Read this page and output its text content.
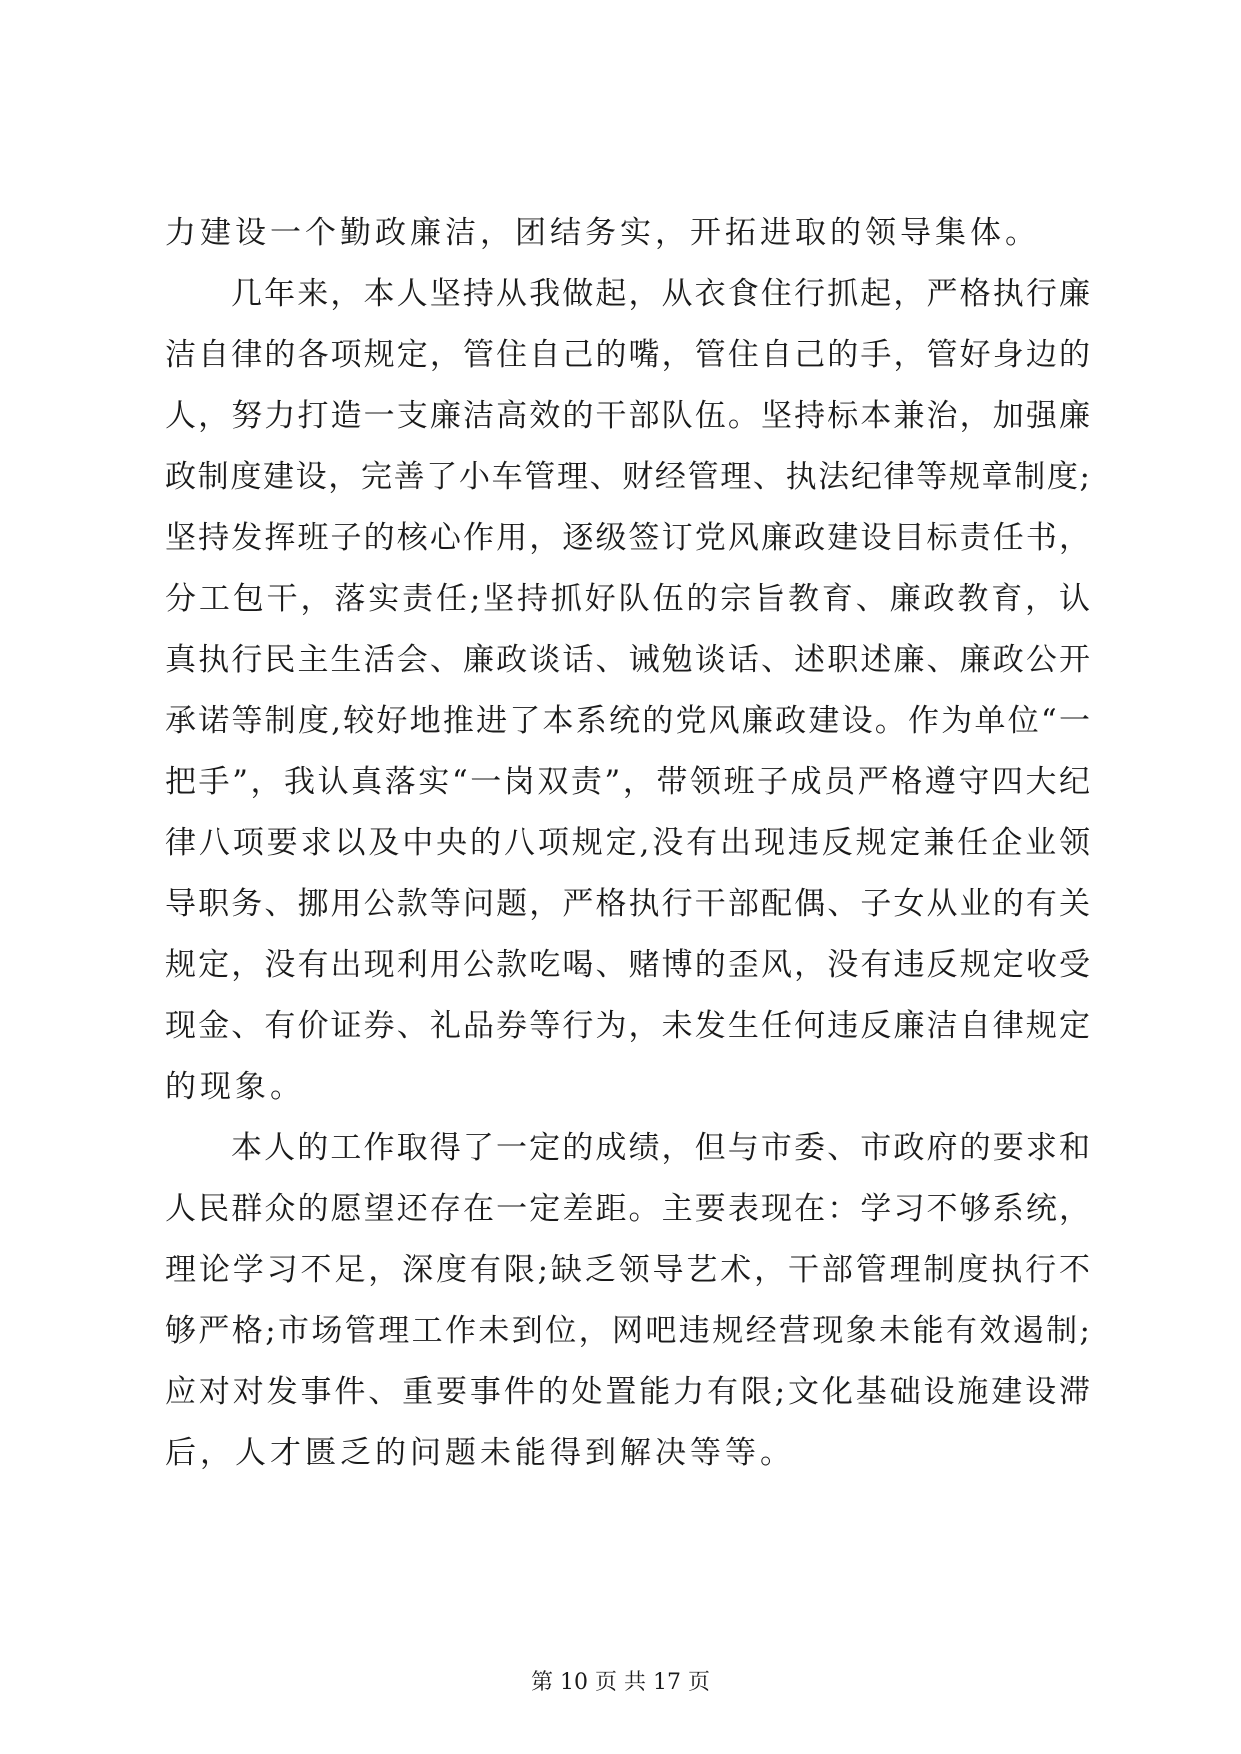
力建设一个勤政廉洁，团结务实，开拓进取的领导集体。
几年来，本人坚持从我做起，从衣食住行抓起，严格执行廉
洁自律的各项规定，管住自己的嘴，管住自己的手，管好身边的
人，努力打造一支廉洁高效的干部队伍。坚持标本兼治，加强廉
政制度建设，完善了小车管理、财经管理、执法纪律等规章制度;
坚持发挥班子的核心作用，逐级签订党风廉政建设目标责任书，
分工包干，落实责任;坚持抓好队伍的宗旨教育、廉政教育，认
真执行民主生活会、廉政谈话、诫勉谈话、述职述廉、廉政公开
承诺等制度,较好地推进了本系统的党风廉政建设。作为单位“一
把手”，我认真落实“一岗双责”，带领班子成员严格遵守四大纪
律八项要求以及中央的八项规定,没有出现违反规定兼任企业领
导职务、挪用公款等问题，严格执行干部配偶、子女从业的有关
规定，没有出现利用公款吃喝、赌博的歪风，没有违反规定收受
现金、有价证券、礼品券等行为，未发生任何违反廉洁自律规定
的现象。
本人的工作取得了一定的成绩，但与市委、市政府的要求和
人民群众的愿望还存在一定差距。主要表现在：学习不够系统，
理论学习不足，深度有限;缺乏领导艺术，干部管理制度执行不
够严格;市场管理工作未到位，网吧违规经营现象未能有效遏制;
应对对发事件、重要事件的处置能力有限;文化基础设施建设滞
后，人才匮乏的问题未能得到解决等等。
第 10 页 共 17 页
